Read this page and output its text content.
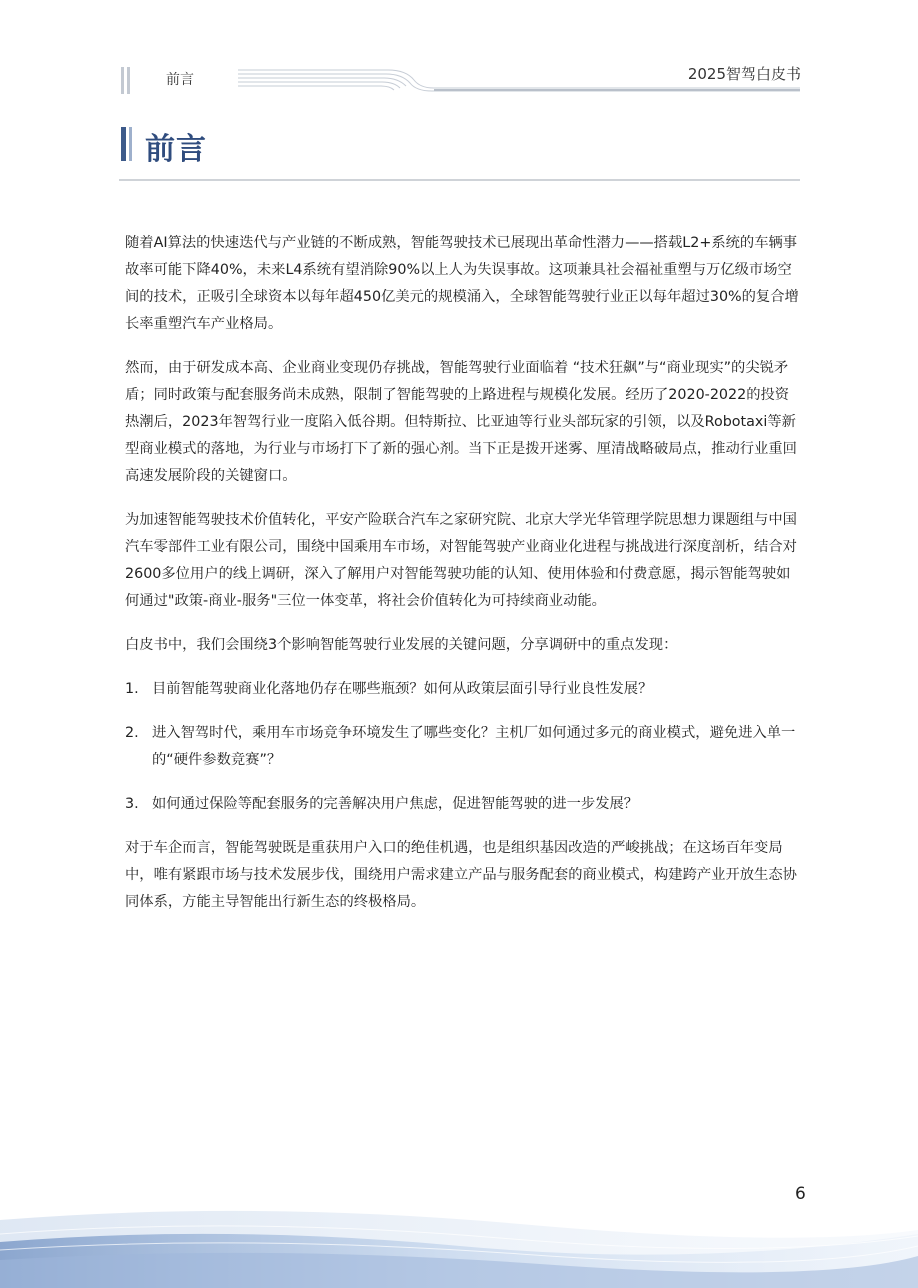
前言	2025智驾白皮书
前言

随着AI算法的快速迭代与产业链的不断成熟，智能驾驶技术已展现出革命性潜力——搭载L2+系统的车辆事故率可能下降40%，未来L4系统有望消除90%以上人为失误事故。这项兼具社会福祉重塑与万亿级市场空间的技术，正吸引全球资本以每年超450亿美元的规模涌入，全球智能驾驶行业正以每年超过30%的复合增长率重塑汽车产业格局。

然而，由于研发成本高、企业商业变现仍存挑战，智能驾驶行业面临着 “技术狂飙”与“商业现实”的尖锐矛盾；同时政策与配套服务尚未成熟，限制了智能驾驶的上路进程与规模化发展。经历了2020-2022的投资热潮后，2023年智驾行业一度陷入低谷期。但特斯拉、比亚迪等行业头部玩家的引领，以及Robotaxi等新型商业模式的落地，为行业与市场打下了新的强心剂。当下正是拨开迷雾、厘清战略破局点，推动行业重回高速发展阶段的关键窗口。

为加速智能驾驶技术价值转化，平安产险联合汽车之家研究院、北京大学光华管理学院思想力课题组与中国汽车零部件工业有限公司，围绕中国乘用车市场，对智能驾驶产业商业化进程与挑战进行深度剖析，结合对2600多位用户的线上调研，深入了解用户对智能驾驶功能的认知、使用体验和付费意愿，揭示智能驾驶如何通过"政策-商业-服务"三位一体变革，将社会价值转化为可持续商业动能。

白皮书中，我们会围绕3个影响智能驾驶行业发展的关键问题，分享调研中的重点发现：

1. 目前智能驾驶商业化落地仍存在哪些瓶颈？如何从政策层面引导行业良性发展？
2. 进入智驾时代，乘用车市场竞争环境发生了哪些变化？主机厂如何通过多元的商业模式，避免进入单一的“硬件参数竞赛”？
3. 如何通过保险等配套服务的完善解决用户焦虑，促进智能驾驶的进一步发展？

对于车企而言，智能驾驶既是重获用户入口的绝佳机遇，也是组织基因改造的严峻挑战；在这场百年变局中，唯有紧跟市场与技术发展步伐，围绕用户需求建立产品与服务配套的商业模式，构建跨产业开放生态协同体系，方能主导智能出行新生态的终极格局。

6
